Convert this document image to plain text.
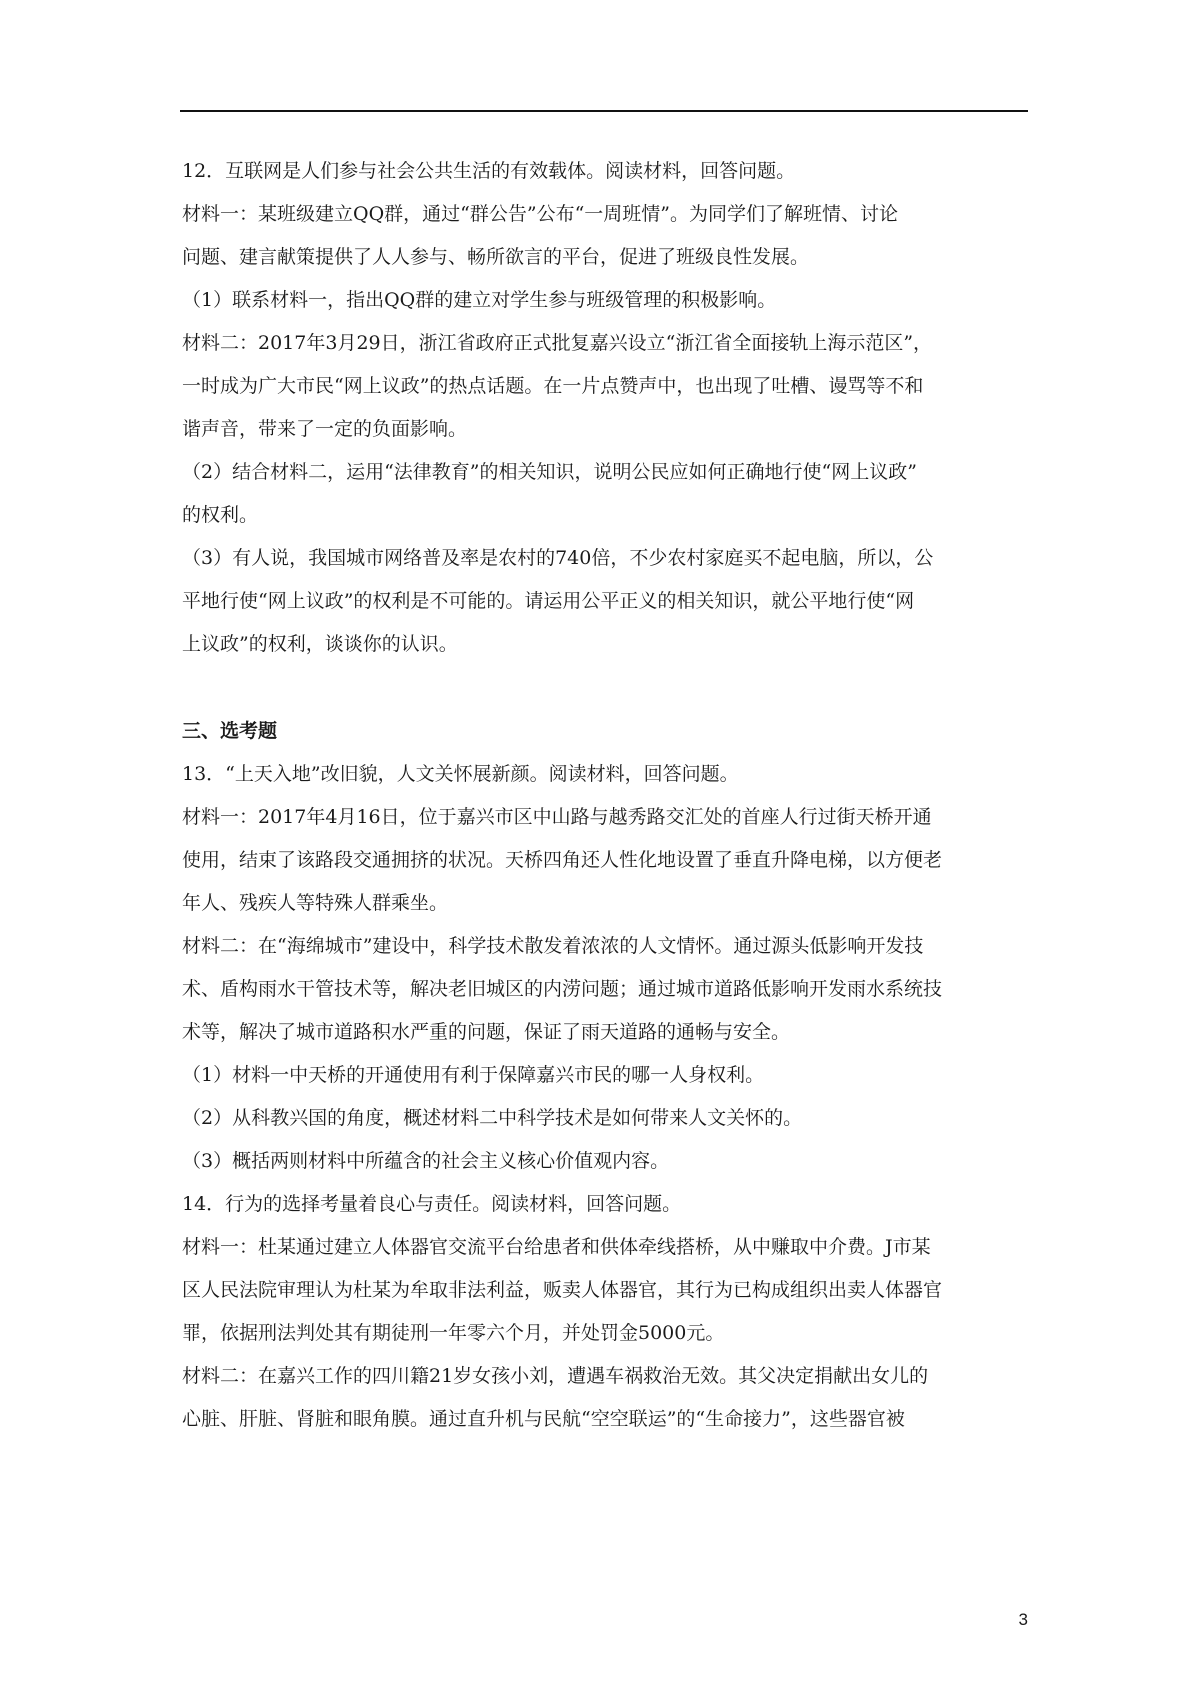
12．互联网是人们参与社会公共生活的有效载体。阅读材料，回答问题。
材料一：某班级建立QQ群，通过“群公告”公布“一周班情”。为同学们了解班情、讨论
问题、建言献策提供了人人参与、畅所欲言的平台，促进了班级良性发展。
（1）联系材料一，指出QQ群的建立对学生参与班级管理的积极影响。
材料二：2017年3月29日，浙江省政府正式批复嘉兴设立“浙江省全面接轨上海示范区”，
一时成为广大市民“网上议政”的热点话题。在一片点赞声中，也出现了吐槽、谩骂等不和
谐声音，带来了一定的负面影响。
（2）结合材料二，运用“法律教育”的相关知识，说明公民应如何正确地行使“网上议政”
的权利。
（3）有人说，我国城市网络普及率是农村的740倍，不少农村家庭买不起电脑，所以，公
平地行使“网上议政”的权利是不可能的。请运用公平正义的相关知识，就公平地行使“网
上议政”的权利，谈谈你的认识。
三、选考题
13．“上天入地”改旧貌，人文关怀展新颜。阅读材料，回答问题。
材料一：2017年4月16日，位于嘉兴市区中山路与越秀路交汇处的首座人行过街天桥开通
使用，结束了该路段交通拥挤的状况。天桥四角还人性化地设置了垂直升降电梯，以方便老
年人、残疾人等特殊人群乘坐。
材料二：在“海绵城市”建设中，科学技术散发着浓浓的人文情怀。通过源头低影响开发技
术、盾构雨水干管技术等，解决老旧城区的内涝问题；通过城市道路低影响开发雨水系统技
术等，解决了城市道路积水严重的问题，保证了雨天道路的通畅与安全。
（1）材料一中天桥的开通使用有利于保障嘉兴市民的哪一人身权利。
（2）从科教兴国的角度，概述材料二中科学技术是如何带来人文关怀的。
（3）概括两则材料中所蕴含的社会主义核心价值观内容。
14．行为的选择考量着良心与责任。阅读材料，回答问题。
材料一：杜某通过建立人体器官交流平台给患者和供体牵线搭桥，从中赚取中介费。J市某
区人民法院审理认为杜某为牟取非法利益，贩卖人体器官，其行为已构成组织出卖人体器官
罪，依据刑法判处其有期徒刑一年零六个月，并处罚金5000元。
材料二：在嘉兴工作的四川籍21岁女孩小刘，遭遇车祸救治无效。其父决定捐献出女儿的
心脏、肝脏、肾脏和眼角膜。通过直升机与民航“空空联运”的“生命接力”，这些器官被
3
